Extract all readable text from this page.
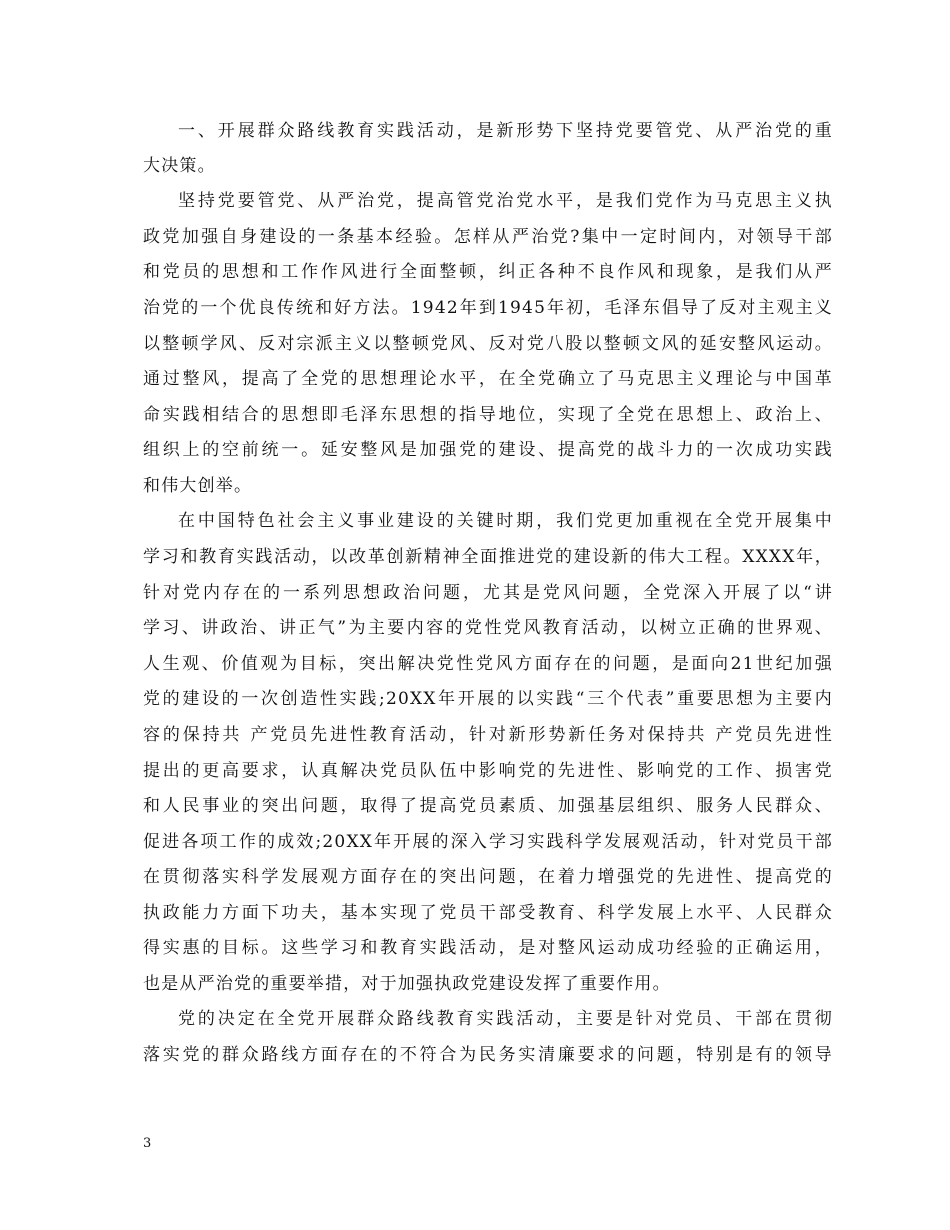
一、开展群众路线教育实践活动，是新形势下坚持党要管党、从严治党的重
大决策。
坚持党要管党、从严治党，提高管党治党水平，是我们党作为马克思主义执
政党加强自身建设的一条基本经验。怎样从严治党?集中一定时间内，对领导干部
和党员的思想和工作作风进行全面整顿，纠正各种不良作风和现象，是我们从严
治党的一个优良传统和好方法。1942年到1945年初，毛泽东倡导了反对主观主义
以整顿学风、反对宗派主义以整顿党风、反对党八股以整顿文风的延安整风运动。
通过整风，提高了全党的思想理论水平，在全党确立了马克思主义理论与中国革
命实践相结合的思想即毛泽东思想的指导地位，实现了全党在思想上、政治上、
组织上的空前统一。延安整风是加强党的建设、提高党的战斗力的一次成功实践
和伟大创举。
在中国特色社会主义事业建设的关键时期，我们党更加重视在全党开展集中
学习和教育实践活动，以改革创新精神全面推进党的建设新的伟大工程。XXXX年，
针对党内存在的一系列思想政治问题，尤其是党风问题，全党深入开展了以“讲
学习、讲政治、讲正气”为主要内容的党性党风教育活动，以树立正确的世界观、
人生观、价值观为目标，突出解决党性党风方面存在的问题，是面向21世纪加强
党的建设的一次创造性实践;20XX年开展的以实践“三个代表”重要思想为主要内
容的保持共 产党员先进性教育活动，针对新形势新任务对保持共 产党员先进性
提出的更高要求，认真解决党员队伍中影响党的先进性、影响党的工作、损害党
和人民事业的突出问题，取得了提高党员素质、加强基层组织、服务人民群众、
促进各项工作的成效;20XX年开展的深入学习实践科学发展观活动，针对党员干部
在贯彻落实科学发展观方面存在的突出问题，在着力增强党的先进性、提高党的
执政能力方面下功夫，基本实现了党员干部受教育、科学发展上水平、人民群众
得实惠的目标。这些学习和教育实践活动，是对整风运动成功经验的正确运用，
也是从严治党的重要举措，对于加强执政党建设发挥了重要作用。
党的决定在全党开展群众路线教育实践活动，主要是针对党员、干部在贯彻
落实党的群众路线方面存在的不符合为民务实清廉要求的问题，特别是有的领导
3
